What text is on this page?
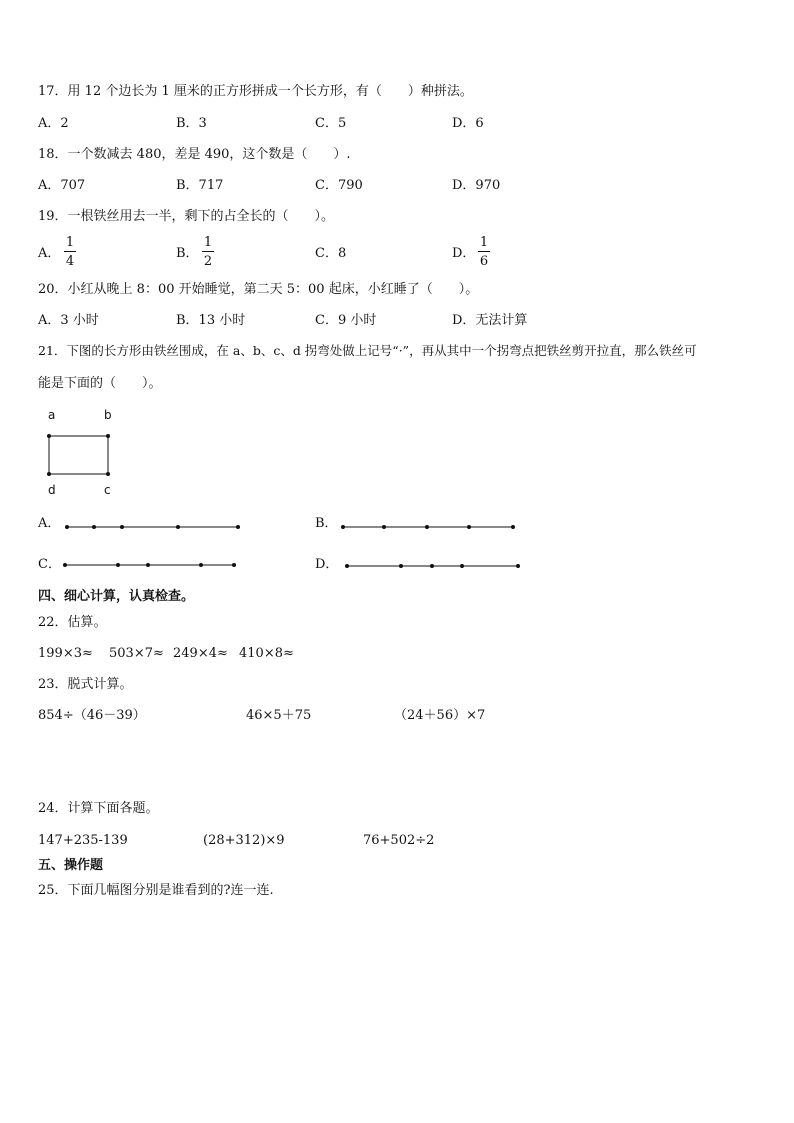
17．用 12 个边长为 1 厘米的正方形拼成一个长方形，有（　　）种拼法。
A．2	B．3	C．5	D．6
18．一个数减去 480，差是 490，这个数是（　　）.
A．707	B．717	C．790	D．970
19．一根铁丝用去一半，剩下的占全长的（　　）。
A．
1
4
B．
1
2
C． 8	D．
1
6
20．小红从晚上 8：00 开始睡觉，第二天 5：00 起床，小红睡了（　　）。
A．3 小时	B．13 小时	C．9 小时	D．无法计算
21．下图的长方形由铁丝围成，在 a、b、c、d 拐弯处做上记号“·”，再从其中一个拐弯点把铁丝剪开拉直，那么铁丝可
能是下面的（　　）。
a	b
d	c
A．	B．
C．	D．
四、细心计算，认真检查。
22．估算。
199×3≈ 503×7≈ 249×4≈ 410×8≈
23．脱式计算。
854÷（46－39）	46×5＋75	（24＋56）×7
24．计算下面各题。
147+235-139	(28+312)×9	76+502÷2
五、操作题
25．下面几幅图分别是谁看到的?连一连.
